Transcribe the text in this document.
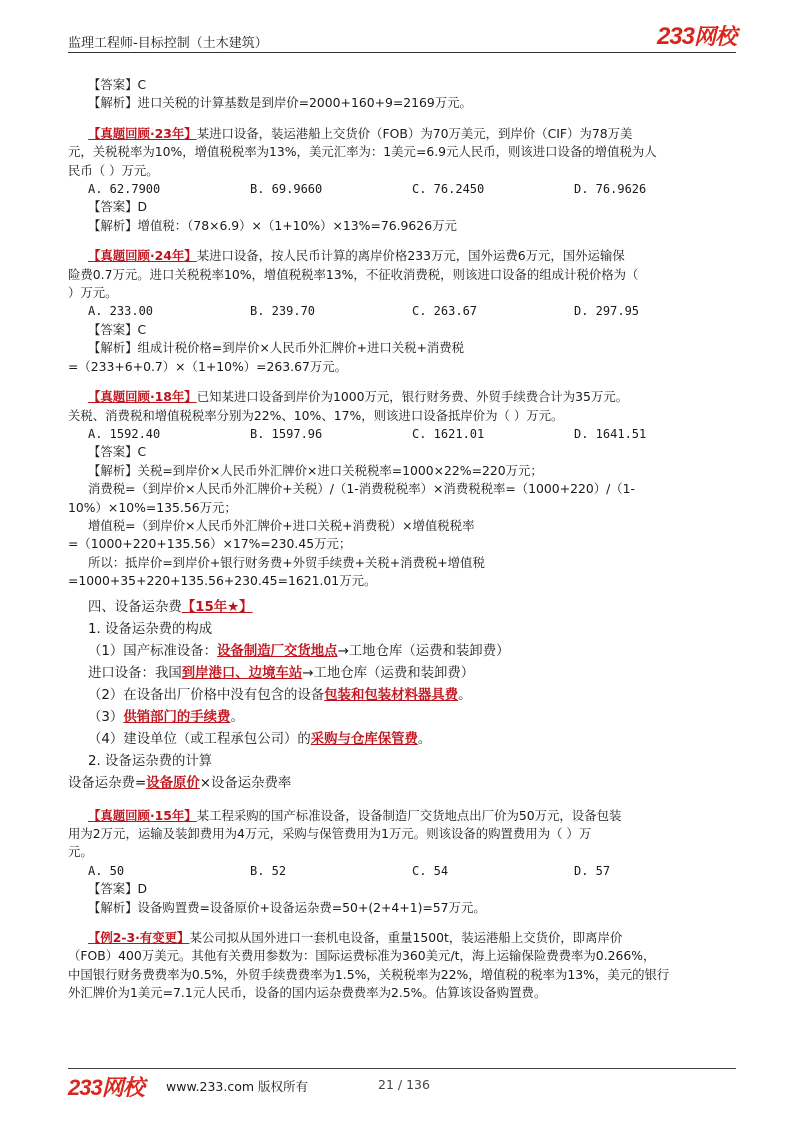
监理工程师-目标控制（土木建筑）	233网校

【答案】C

【解析】进口关税的计算基数是到岸价=2000+160+9=2169万元。

【真题回顾·23年】某进口设备，装运港船上交货价（FOB）为70万美元，到岸价（CIF）为78万美

元，关税税率为10%，增值税税率为13%，美元汇率为：1美元=6.9元人民币，则该进口设备的增值税为人

民币（ ）万元。

A. 62.7900	B. 69.9660	C. 76.2450	D. 76.9626

【答案】D

【解析】增值税：（78×6.9）×（1+10%）×13%=76.9626万元

【真题回顾·24年】某进口设备，按人民币计算的离岸价格233万元，国外运费6万元，国外运输保

险费0.7万元。进口关税税率10%，增值税税率13%，不征收消费税，则该进口设备的组成计税价格为（

）万元。

A. 233.00	B. 239.70	C. 263.67	D. 297.95

【答案】C

【解析】组成计税价格=到岸价×人民币外汇牌价+进口关税+消费税

=（233+6+0.7）×（1+10%）=263.67万元。

【真题回顾·18年】已知某进口设备到岸价为1000万元，银行财务费、外贸手续费合计为35万元。

关税、消费税和增值税税率分别为22%、10%、17%，则该进口设备抵岸价为（ ）万元。

A. 1592.40	B. 1597.96	C. 1621.01	D. 1641.51

【答案】C

【解析】关税=到岸价×人民币外汇牌价×进口关税税率=1000×22%=220万元；

消费税=（到岸价×人民币外汇牌价+关税）/（1-消费税税率）×消费税税率=（1000+220）/（1-

10%）×10%=135.56万元；

增值税=（到岸价×人民币外汇牌价+进口关税+消费税）×增值税税率

=（1000+220+135.56）×17%=230.45万元；

所以：抵岸价=到岸价+银行财务费+外贸手续费+关税+消费税+增值税

=1000+35+220+135.56+230.45=1621.01万元。

四、设备运杂费【15年★】

1. 设备运杂费的构成

（1）国产标准设备：设备制造厂交货地点→工地仓库（运费和装卸费）

进口设备：我国到岸港口、边境车站→工地仓库（运费和装卸费）

（2）在设备出厂价格中没有包含的设备包装和包装材料器具费。

（3）供销部门的手续费。

（4）建设单位（或工程承包公司）的采购与仓库保管费。

2. 设备运杂费的计算

设备运杂费=设备原价×设备运杂费率

【真题回顾·15年】某工程采购的国产标准设备，设备制造厂交货地点出厂价为50万元，设备包装

用为2万元，运输及装卸费用为4万元，采购与保管费用为1万元。则该设备的购置费用为（ ）万

元。

A. 50	B. 52	C. 54	D. 57

【答案】D

【解析】设备购置费=设备原价+设备运杂费=50+(2+4+1)=57万元。

【例2-3·有变更】某公司拟从国外进口一套机电设备，重量1500t，装运港船上交货价，即离岸价

（FOB）400万美元。其他有关费用参数为：国际运费标准为360美元/t，海上运输保险费费率为0.266%，

中国银行财务费费率为0.5%，外贸手续费费率为1.5%，关税税率为22%，增值税的税率为13%，美元的银行

外汇牌价为1美元=7.1元人民币，设备的国内运杂费费率为2.5%。估算该设备购置费。

233网校 www.233.com 版权所有	21 / 136
